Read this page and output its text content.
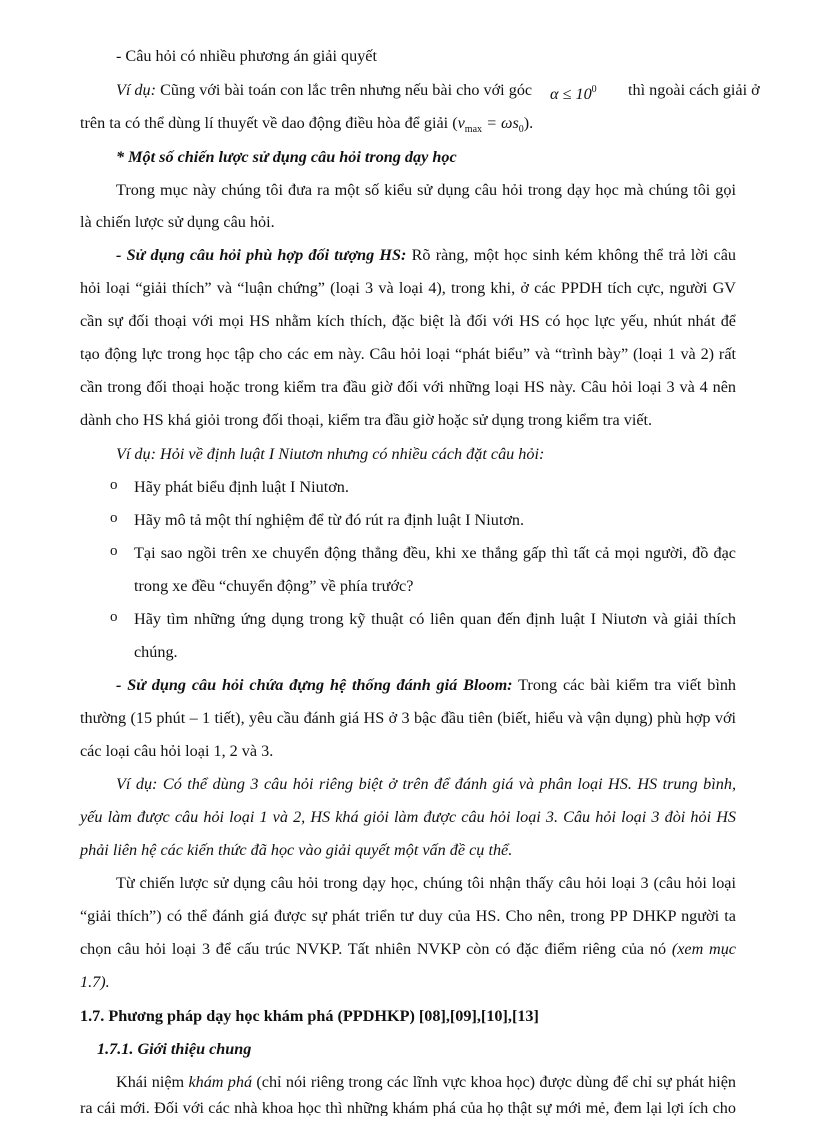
- Câu hỏi có nhiều phương án giải quyết
Ví dụ: Cũng với bài toán con lắc trên nhưng nếu bài cho với góc $\alpha \le 10^0$ thì ngoài cách giải ở
trên ta có thể dùng lí thuyết về dao động điều hòa để giải $(v_{max} = \omega s_0)$.
* Một số chiến lược sử dụng câu hỏi trong dạy học
Trong mục này chúng tôi đưa ra một số kiểu sử dụng câu hỏi trong dạy học mà chúng tôi gọi
là chiến lược sử dụng câu hỏi.
- Sử dụng câu hỏi phù hợp đối tượng HS: Rõ ràng, một học sinh kém không thể trả lời câu
hỏi loại “giải thích” và “luận chứng” (loại 3 và loại 4), trong khi, ở các PPDH tích cực, người GV
cần sự đối thoại với mọi HS nhằm kích thích, đặc biệt là đối với HS có học lực yếu, nhút nhát để
tạo động lực trong học tập cho các em này. Câu hỏi loại “phát biểu” và “trình bày” (loại 1 và 2) rất
cần trong đối thoại hoặc trong kiểm tra đầu giờ đối với những loại HS này. Câu hỏi loại 3 và 4 nên
dành cho HS khá giỏi trong đối thoại, kiểm tra đầu giờ hoặc sử dụng trong kiểm tra viết.
Ví dụ: Hỏi về định luật I Niutơn nhưng có nhiều cách đặt câu hỏi:
o Hãy phát biểu định luật I Niutơn.
o Hãy mô tả một thí nghiệm để từ đó rút ra định luật I Niutơn.
o Tại sao ngồi trên xe chuyển động thẳng đều, khi xe thắng gấp thì tất cả mọi người, đồ đạc
trong xe đều “chuyển động” về phía trước?
o Hãy tìm những ứng dụng trong kỹ thuật có liên quan đến định luật I Niutơn và giải thích
chúng.
- Sử dụng câu hỏi chứa đựng hệ thống đánh giá Bloom: Trong các bài kiểm tra viết bình
thường (15 phút – 1 tiết), yêu cầu đánh giá HS ở 3 bậc đầu tiên (biết, hiểu và vận dụng) phù hợp với
các loại câu hỏi loại 1, 2 và 3.
Ví dụ: Có thể dùng 3 câu hỏi riêng biệt ở trên để đánh giá và phân loại HS. HS trung bình,
yếu làm được câu hỏi loại 1 và 2, HS khá giỏi làm được câu hỏi loại 3. Câu hỏi loại 3 đòi hỏi HS
phải liên hệ các kiến thức đã học vào giải quyết một vấn đề cụ thể.
Từ chiến lược sử dụng câu hỏi trong dạy học, chúng tôi nhận thấy câu hỏi loại 3 (câu hỏi loại
“giải thích”) có thể đánh giá được sự phát triển tư duy của HS. Cho nên, trong PP DHKP người ta
chọn câu hỏi loại 3 để cấu trúc NVKP. Tất nhiên NVKP còn có đặc điểm riêng của nó (xem mục
1.7).
1.7. Phương pháp dạy học khám phá (PPDHKP) [08],[09],[10],[13]
1.7.1. Giới thiệu chung
Khái niệm khám phá (chỉ nói riêng trong các lĩnh vực khoa học) được dùng để chỉ sự phát hiện
ra cái mới. Đối với các nhà khoa học thì những khám phá của họ thật sự mới mẻ, đem lại lợi ích cho
